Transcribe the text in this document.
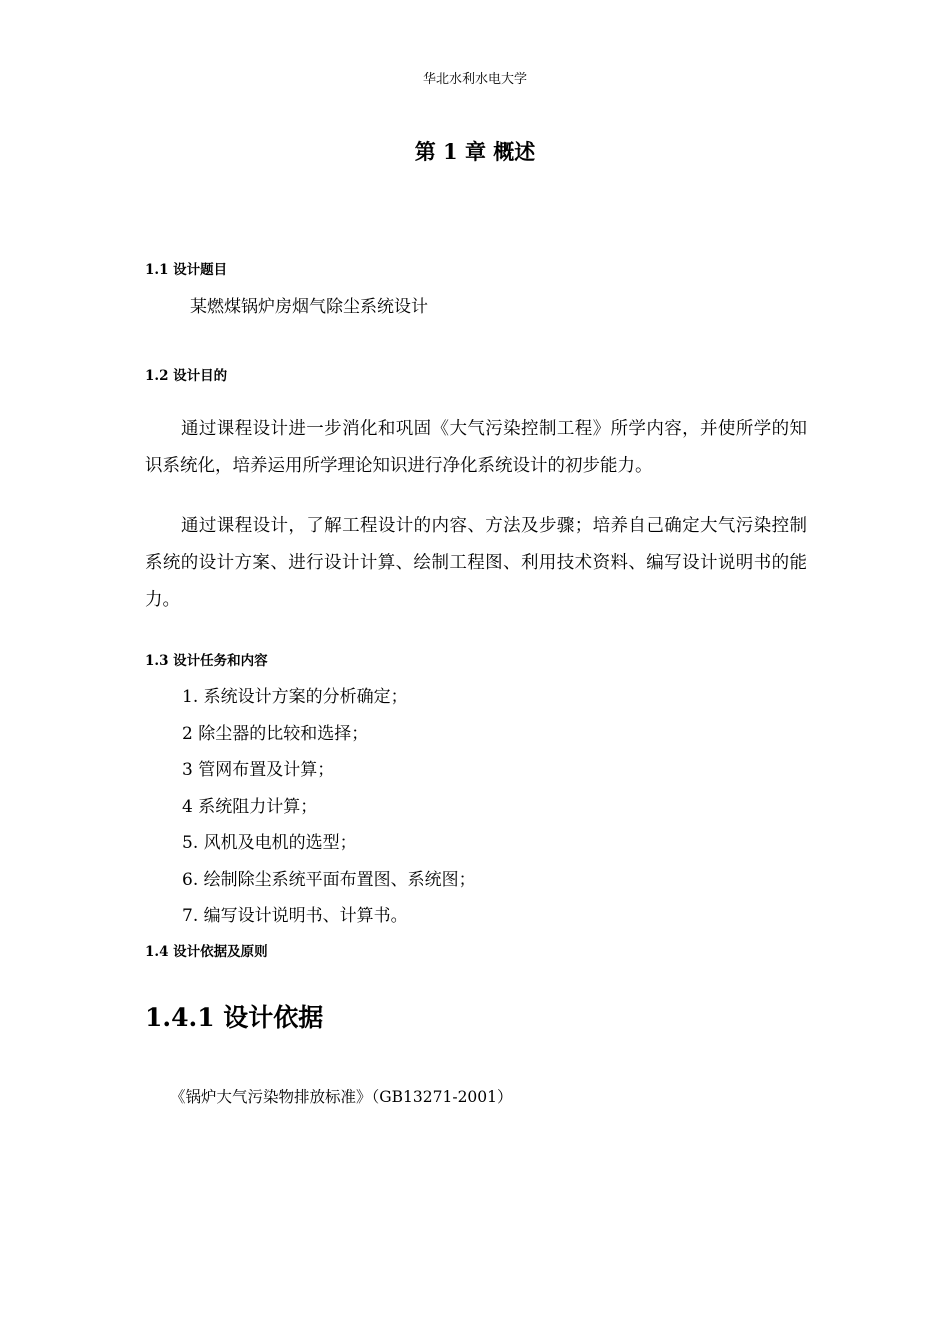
华北水利水电大学
第 1 章 概述
1.1 设计题目
某燃煤锅炉房烟气除尘系统设计
1.2 设计目的
通过课程设计进一步消化和巩固《大气污染控制工程》所学内容，并使所学的知识系统化，培养运用所学理论知识进行净化系统设计的初步能力。
通过课程设计，了解工程设计的内容、方法及步骤；培养自己确定大气污染控制系统的设计方案、进行设计计算、绘制工程图、利用技术资料、编写设计说明书的能力。
1.3 设计任务和内容
1. 系统设计方案的分析确定；
2 除尘器的比较和选择；
3 管网布置及计算；
4 系统阻力计算；
5. 风机及电机的选型；
6. 绘制除尘系统平面布置图、系统图；
7. 编写设计说明书、计算书。
1.4 设计依据及原则
1.4.1 设计依据
《锅炉大气污染物排放标准》（GB13271-2001）
